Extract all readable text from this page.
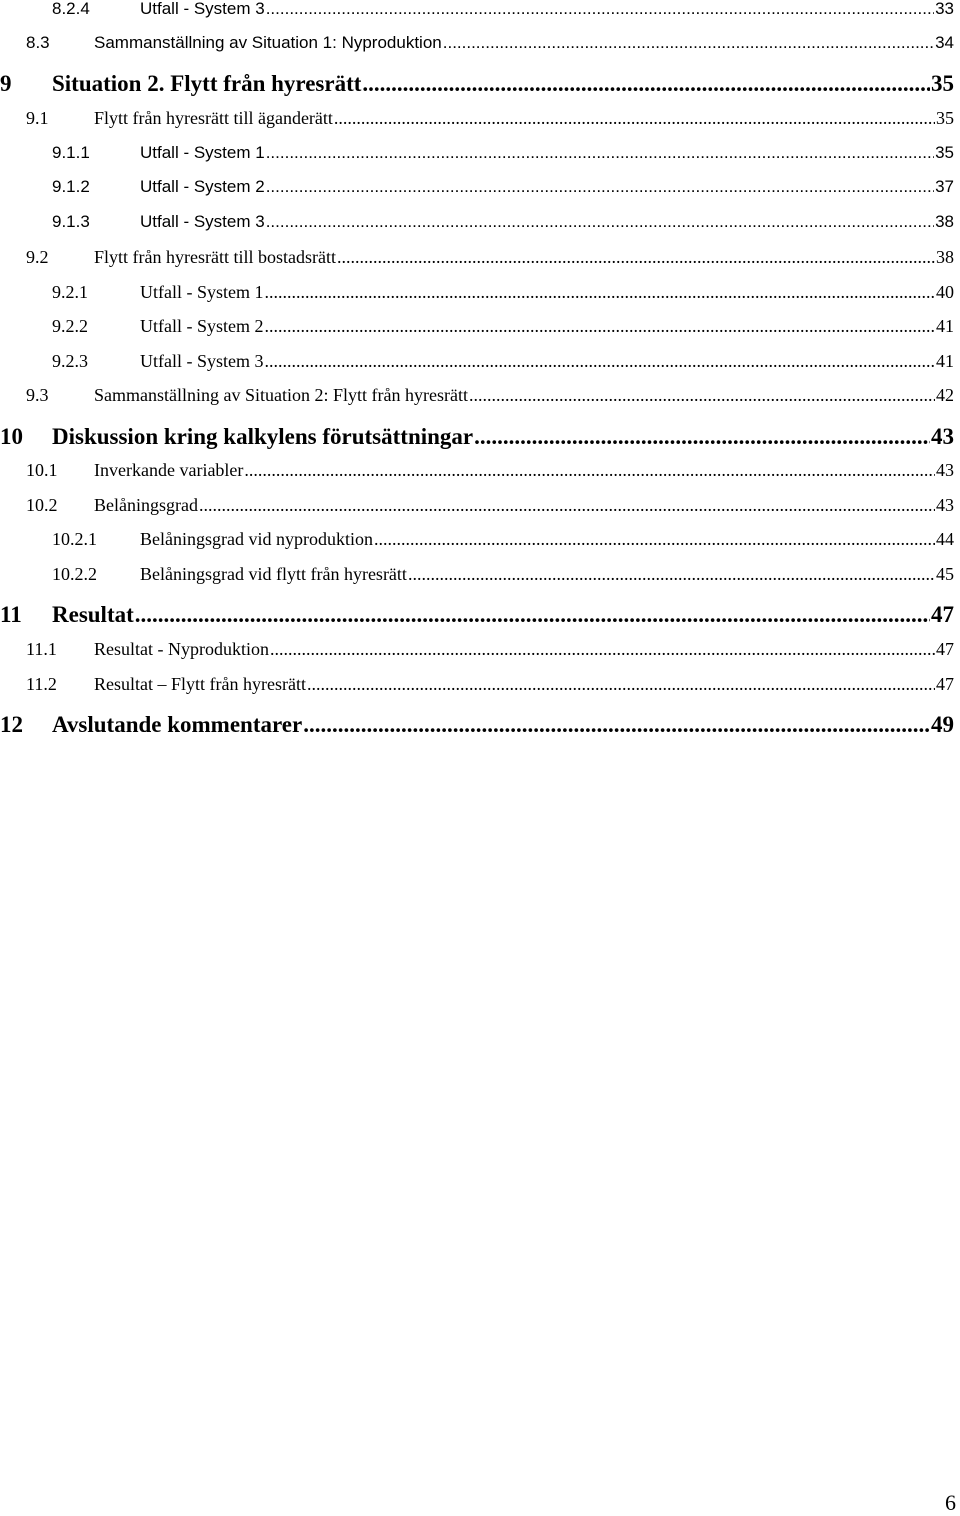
8.2.4	Utfall - System 3 .....	33
8.3	Sammanställning av Situation 1: Nyproduktion .....	34
9 Situation 2. Flytt från hyresrätt .....	35
9.1	Flytt från hyresrätt till äganderätt .....	35
9.1.1	Utfall - System 1 .....	35
9.1.2	Utfall - System 2 .....	37
9.1.3	Utfall - System 3 .....	38
9.2	Flytt från hyresrätt till bostadsrätt .....	38
9.2.1	Utfall - System 1 .....	40
9.2.2	Utfall - System 2 .....	41
9.2.3	Utfall - System 3 .....	41
9.3	Sammanställning av Situation 2: Flytt från hyresrätt .....	42
10 Diskussion kring kalkylens förutsättningar .....	43
10.1 Inverkande variabler .....	43
10.2 Belåningsgrad .....	43
10.2.1 Belåningsgrad vid nyproduktion .....	44
10.2.2 Belåningsgrad vid flytt från hyresrätt .....	45
11 Resultat .....	47
11.1 Resultat - Nyproduktion .....	47
11.2 Resultat – Flytt från hyresrätt .....	47
12 Avslutande kommentarer .....	49
6
